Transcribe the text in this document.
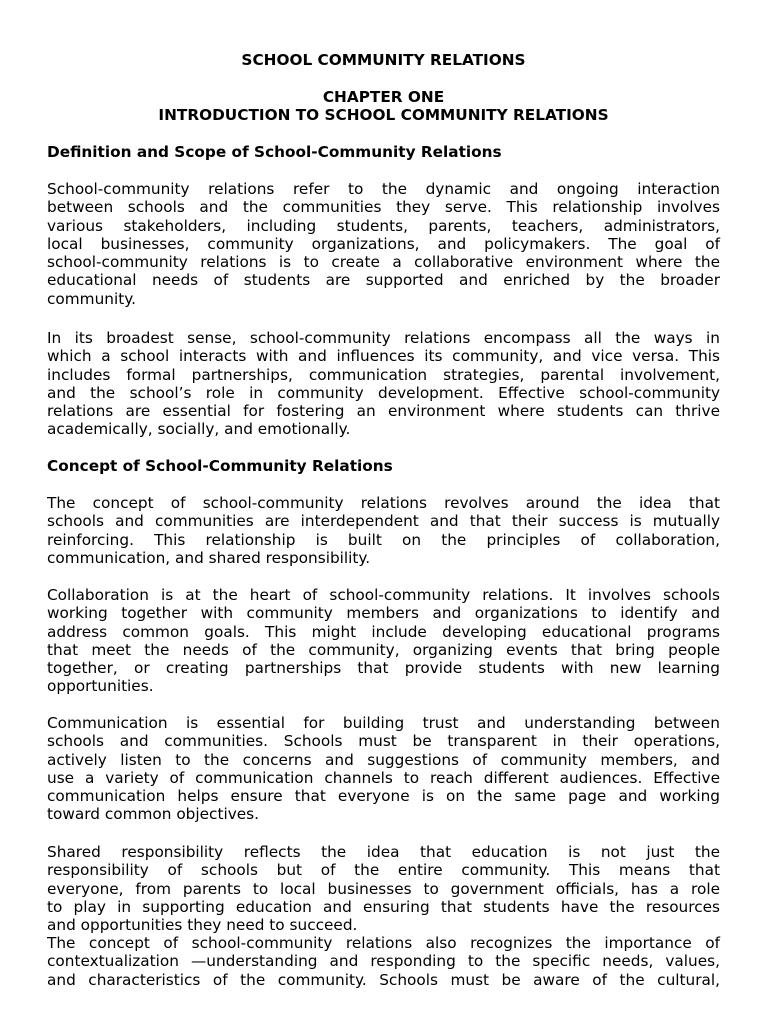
SCHOOL COMMUNITY RELATIONS
CHAPTER ONE
INTRODUCTION TO SCHOOL COMMUNITY RELATIONS
Definition and Scope of School-Community Relations
School-community relations refer to the dynamic and ongoing interaction
between schools and the communities they serve. This relationship involves
various stakeholders, including students, parents, teachers, administrators,
local businesses, community organizations, and policymakers. The goal of
school-community relations is to create a collaborative environment where the
educational needs of students are supported and enriched by the broader
community.
In its broadest sense, school-community relations encompass all the ways in
which a school interacts with and influences its community, and vice versa. This
includes formal partnerships, communication strategies, parental involvement,
and the school’s role in community development. Effective school-community
relations are essential for fostering an environment where students can thrive
academically, socially, and emotionally.
Concept of School-Community Relations
The concept of school-community relations revolves around the idea that
schools and communities are interdependent and that their success is mutually
reinforcing. This relationship is built on the principles of collaboration,
communication, and shared responsibility.
Collaboration is at the heart of school-community relations. It involves schools
working together with community members and organizations to identify and
address common goals. This might include developing educational programs
that meet the needs of the community, organizing events that bring people
together, or creating partnerships that provide students with new learning
opportunities.
Communication is essential for building trust and understanding between
schools and communities. Schools must be transparent in their operations,
actively listen to the concerns and suggestions of community members, and
use a variety of communication channels to reach different audiences. Effective
communication helps ensure that everyone is on the same page and working
toward common objectives.
Shared responsibility reflects the idea that education is not just the
responsibility of schools but of the entire community. This means that
everyone, from parents to local businesses to government officials, has a role
to play in supporting education and ensuring that students have the resources
and opportunities they need to succeed.
The concept of school-community relations also recognizes the importance of
contextualization —understanding and responding to the specific needs, values,
and characteristics of the community. Schools must be aware of the cultural,
